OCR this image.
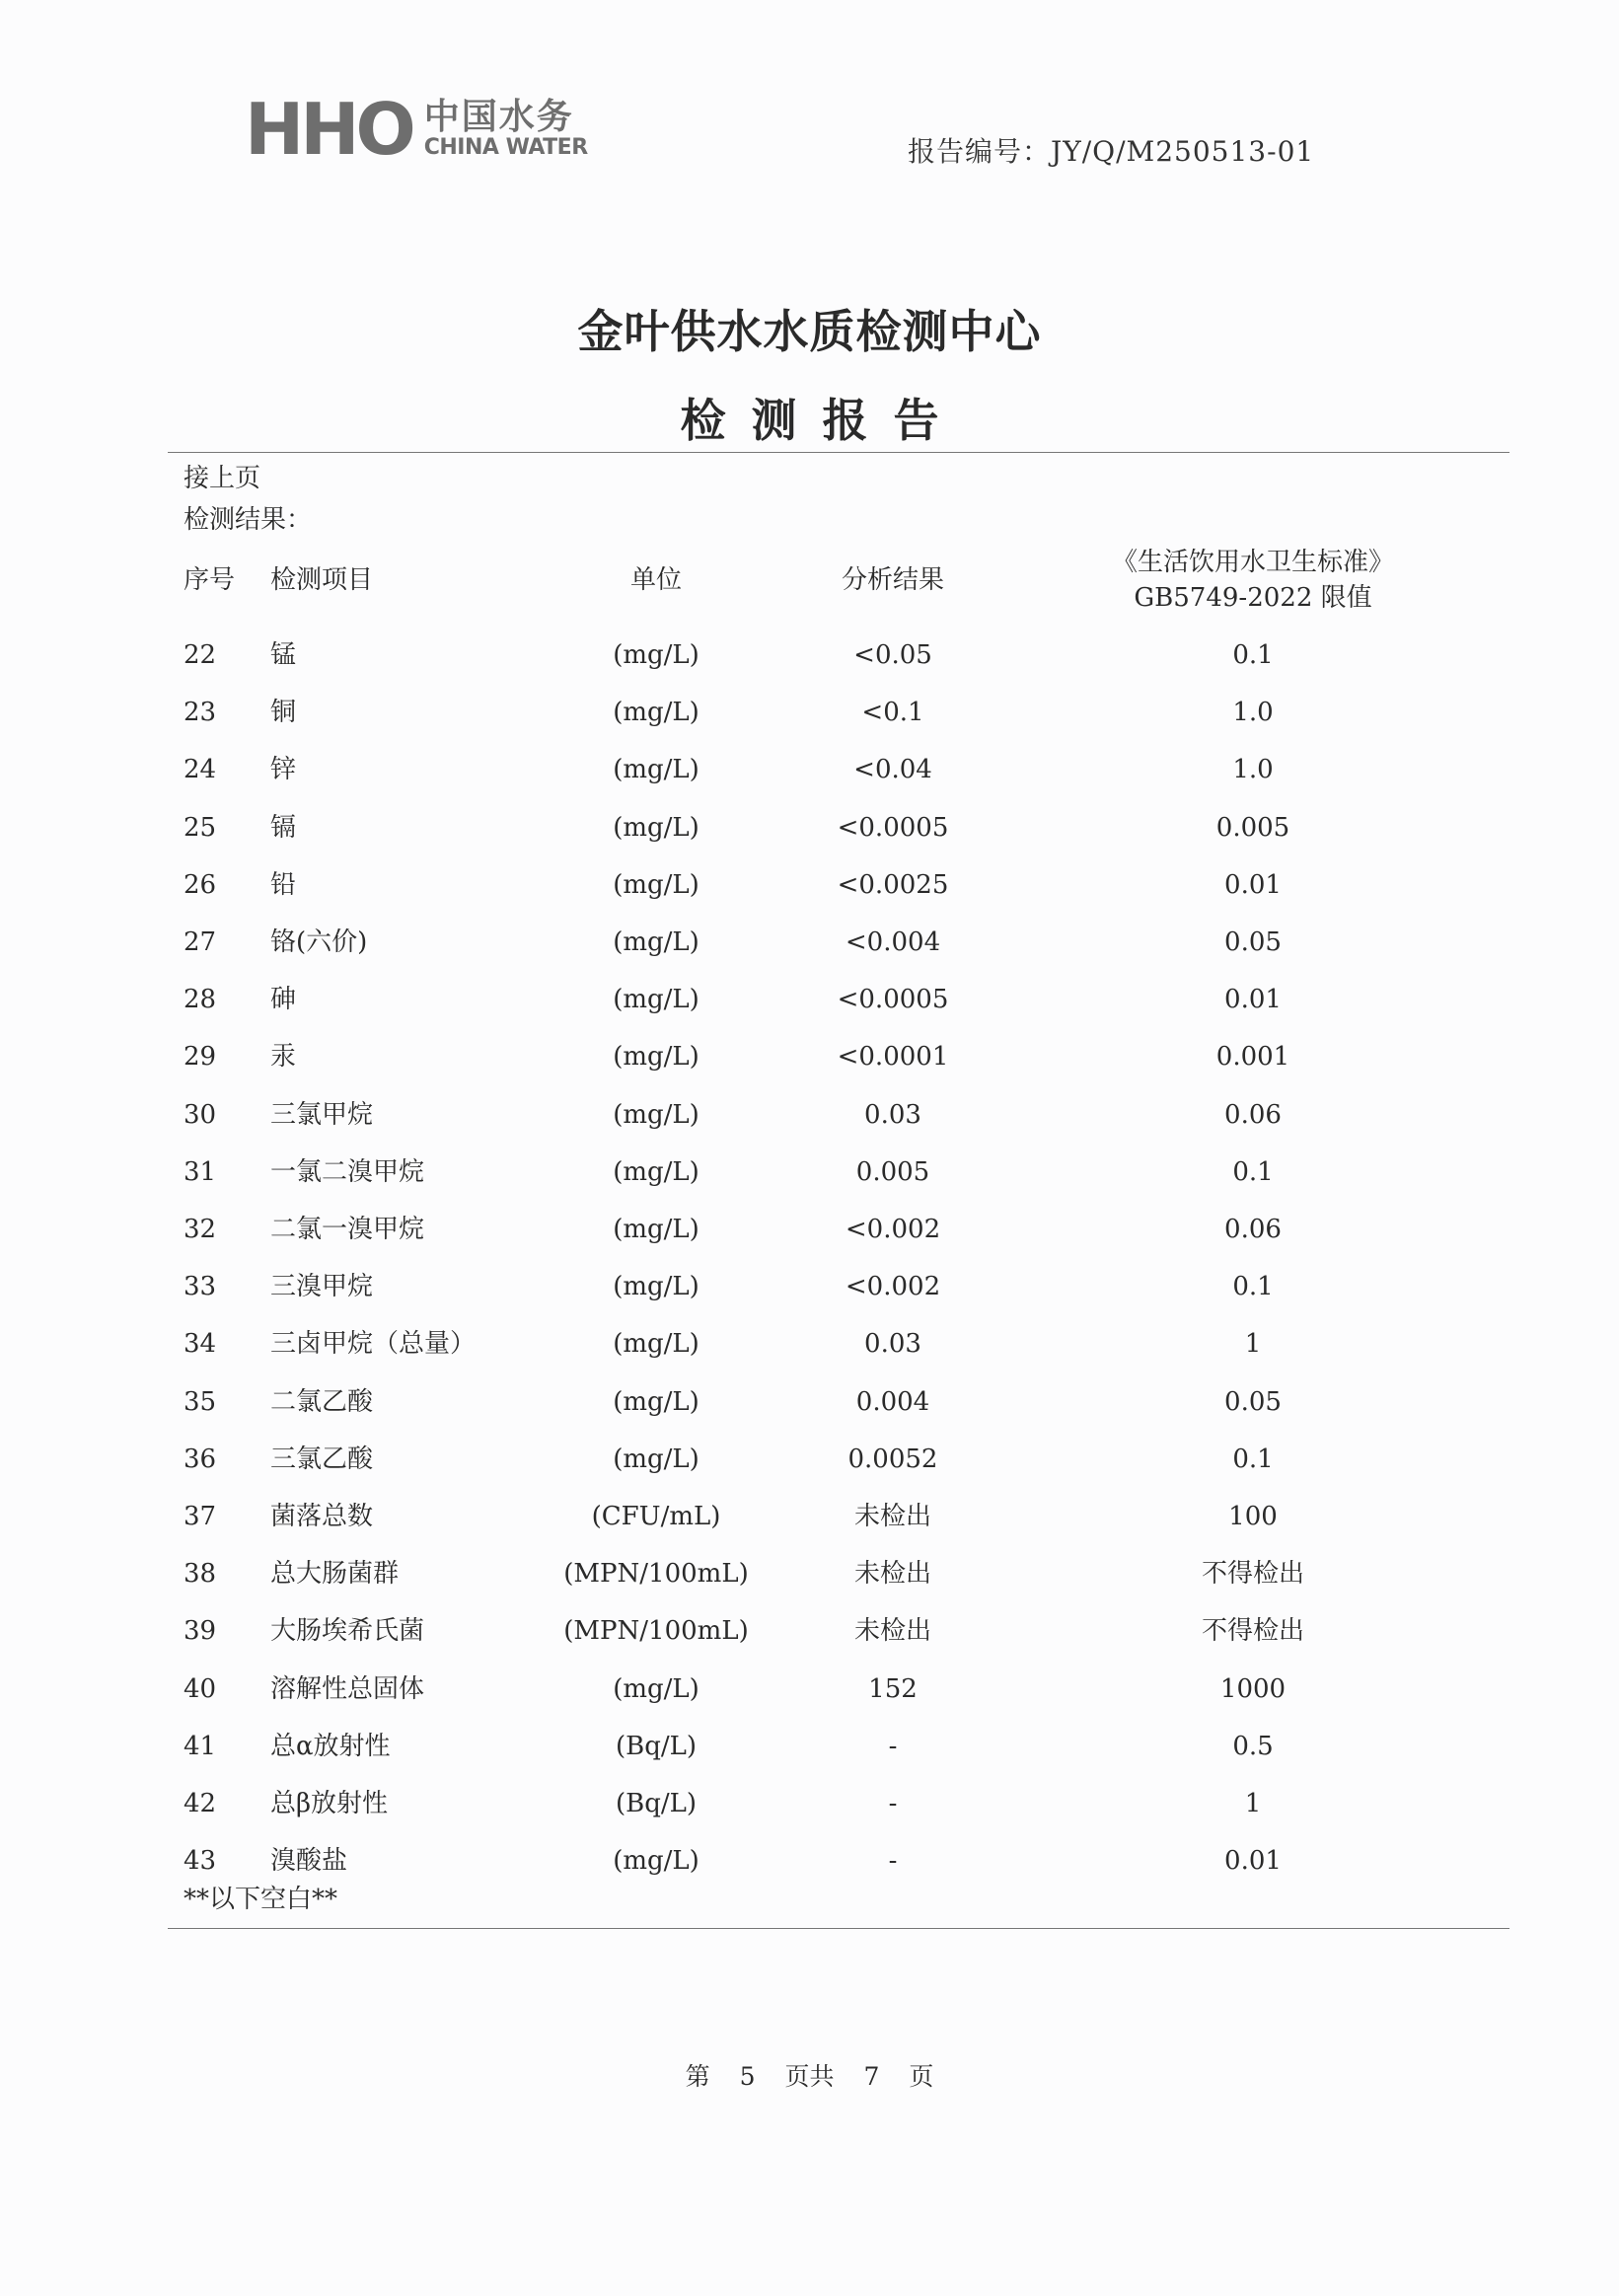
HHO 中国水务
CHINA WATER	报告编号：JY/Q/M250513-01
金叶供水水质检测中心
检测报告
接上页
检测结果：
序号 检测项目	单位	分析结果
《生活饮用水卫生标准》
GB5749-2022 限值
22 锰	(mg/L)	<0.05	0.1
23 铜	(mg/L)	<0.1	1.0
24 锌	(mg/L)	<0.04	1.0
25 镉	(mg/L)	<0.0005	0.005
26 铅	(mg/L)	<0.0025	0.01
27 铬(六价)	(mg/L)	<0.004	0.05
28 砷	(mg/L)	<0.0005	0.01
29 汞	(mg/L)	<0.0001	0.001
30 三氯甲烷	(mg/L)	0.03	0.06
31 一氯二溴甲烷	(mg/L)	0.005	0.1
32 二氯一溴甲烷	(mg/L)	<0.002	0.06
33 三溴甲烷	(mg/L)	<0.002	0.1
34 三卤甲烷（总量）	(mg/L)	0.03	1
35 二氯乙酸	(mg/L)	0.004	0.05
36 三氯乙酸	(mg/L)	0.0052	0.1
37 菌落总数	(CFU/mL)	未检出	100
38 总大肠菌群	(MPN/100mL)	未检出	不得检出
39 大肠埃希氏菌	(MPN/100mL)	未检出	不得检出
40 溶解性总固体	(mg/L)	152	1000
41 总α放射性	(Bq/L)	-	0.5
42 总β放射性	(Bq/L)	-	1
43 溴酸盐	(mg/L)	-	0.01
**以下空白**
第 5 页共 7 页
